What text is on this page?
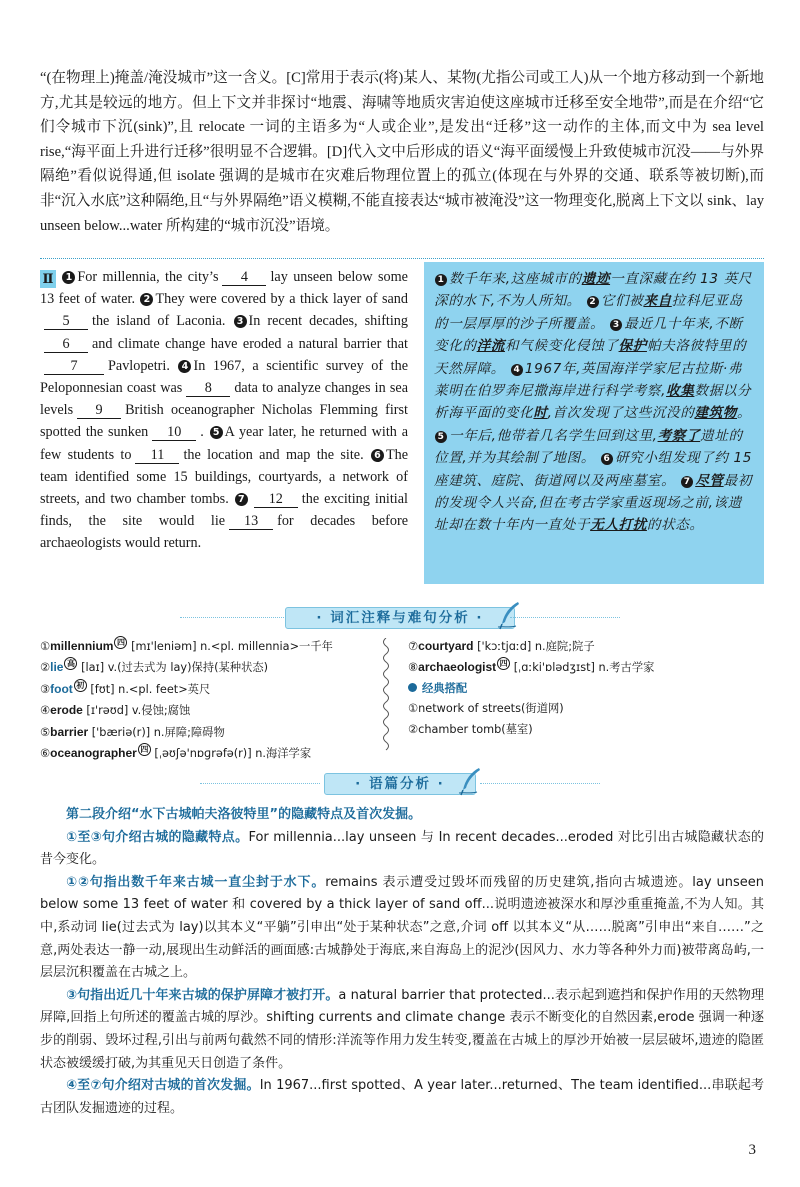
“(在物理上)掩盖/淹没城市”这一含义。[C]常用于表示(将)某人、某物(尤指公司或工人)从一个地方移动到一个新地方,尤其是较远的地方。但上下文并非探讨“地震、海啸等地质灾害迫使这座城市迁移至安全地带”,而是在介绍“它们令城市下沉(sink)”,且 relocate 一词的主语多为“人或企业”,是发出“迁移”这一动作的主体,而文中为 sea level rise,“海平面上升进行迁移”很明显不合逻辑。[D]代入文中后形成的语义“海平面缓慢上升致使城市沉没——与外界隔绝”看似说得通,但 isolate 强调的是城市在灾难后物理位置上的孤立(体现在与外界的交通、联系等被切断),而非“沉入水底”这种隔绝,且“与外界隔绝”语义模糊,不能直接表达“城市被淹没”这一物理变化,脱离上下文以 sink、lay unseen below...water 所构建的“城市沉没”语境。
Ⅱ 1 For millennia, the city’s 4 lay unseen below some 13 feet of water. 2 They were covered by a thick layer of sand5 the island of Laconia. 3 In recent decades, shifting6 and climate change have eroded a natural barrier that7 Pavlopetri. 4 In 1967, a scientific survey of the Peloponnesian coast was 8 data to analyze changes in sea levels 9 British oceanographer Nicholas Flemming first spotted the sunken 10 . 5 A year later, he returned with a few students to 11 the location and map the site. 6 The team identified some 15 buildings, courtyards, a network of streets, and two chamber tombs. 7 12 the exciting initial finds, the site would lie 13 for decades before archaeologists would return.
1 数千年来,这座城市的遗迹一直深藏在约 13 英尺深的水下,不为人所知。 2 它们被来自拉科尼亚岛的一层厚厚的沙子所覆盖。 3 最近几十年来,不断变化的洋流和气候变化侵蚀了保护帕夫洛彼特里的天然屏障。 4 1967年,英国海洋学家尼古拉斯·弗莱明在伯罗奔尼撒海岸进行科学考察,收集数据以分析海平面的变化时,首次发现了这些沉没的建筑物。 5 一年后,他带着几名学生回到这里,考察了遗址的位置,并为其绘制了地图。 6 研究小组发现了约 15 座建筑、庭院、街道网以及两座墓室。 7 尽管最初的发现令人兴奋,但在考古学家重返现场之前,该遗址却在数十年内一直处于无人打扰的状态。
· 词汇注释与难句分析 ·
①millennium 四 [mɪ'leniəm] n.<pl. millennia>一千年
②lie 高 [laɪ] v.(过去式为 lay)保持(某种状态)
③foot 初 [fʊt] n.<pl. feet>英尺
④erode [ɪ'rəʊd] v.侵蚀;腐蚀
⑤barrier ['bæriə(r)] n.屏障;障碍物
⑥oceanographer 四 [ˌəʊʃə'nɒɡrəfə(r)] n.海洋学家
⑦courtyard ['kɔːtjɑːd] n.庭院;院子
⑧archaeologist 四 [ˌɑːki'ɒlədʒɪst] n.考古学家
经典搭配
①network of streets(街道网)
②chamber tomb(墓室)
· 语篇分析 ·

第二段介绍“水下古城帕夫洛彼特里”的隐藏特点及首次发掘。

①至③句介绍古城的隐藏特点。For millennia...lay unseen 与 In recent decades...eroded 对比引出古城隐藏状态的昔今变化。

①②句指出数千年来古城一直尘封于水下。remains 表示遭受过毁坏而残留的历史建筑,指向古城遗迹。lay unseen below some 13 feet of water 和 covered by a thick layer of sand off...说明遗迹被深水和厚沙重重掩盖,不为人知。其中,系动词 lie(过去式为 lay)以其本义“平躺”引申出“处于某种状态”之意,介词 off 以其本义“从……脱离”引申出“来自……”之意,两处表达一静一动,展现出生动鲜活的画面感:古城静处于海底,来自海岛上的泥沙(因风力、水力等各种外力而)被带离岛屿,一层层沉积覆盖在古城之上。

③句指出近几十年来古城的保护屏障才被打开。a natural barrier that protected...表示起到遮挡和保护作用的天然物理屏障,回指上句所述的覆盖古城的厚沙。shifting currents and climate change 表示不断变化的自然因素,erode 强调一种逐步的削弱、毁坏过程,引出与前两句截然不同的情形:洋流等作用力发生转变,覆盖在古城上的厚沙开始被一层层破坏,遗迹的隐匿状态被缓缓打破,为其重见天日创造了条件。

④至⑦句介绍对古城的首次发掘。In 1967...first spotted、A year later...returned、The team identified...串联起考古团队发掘遗迹的过程。

3
